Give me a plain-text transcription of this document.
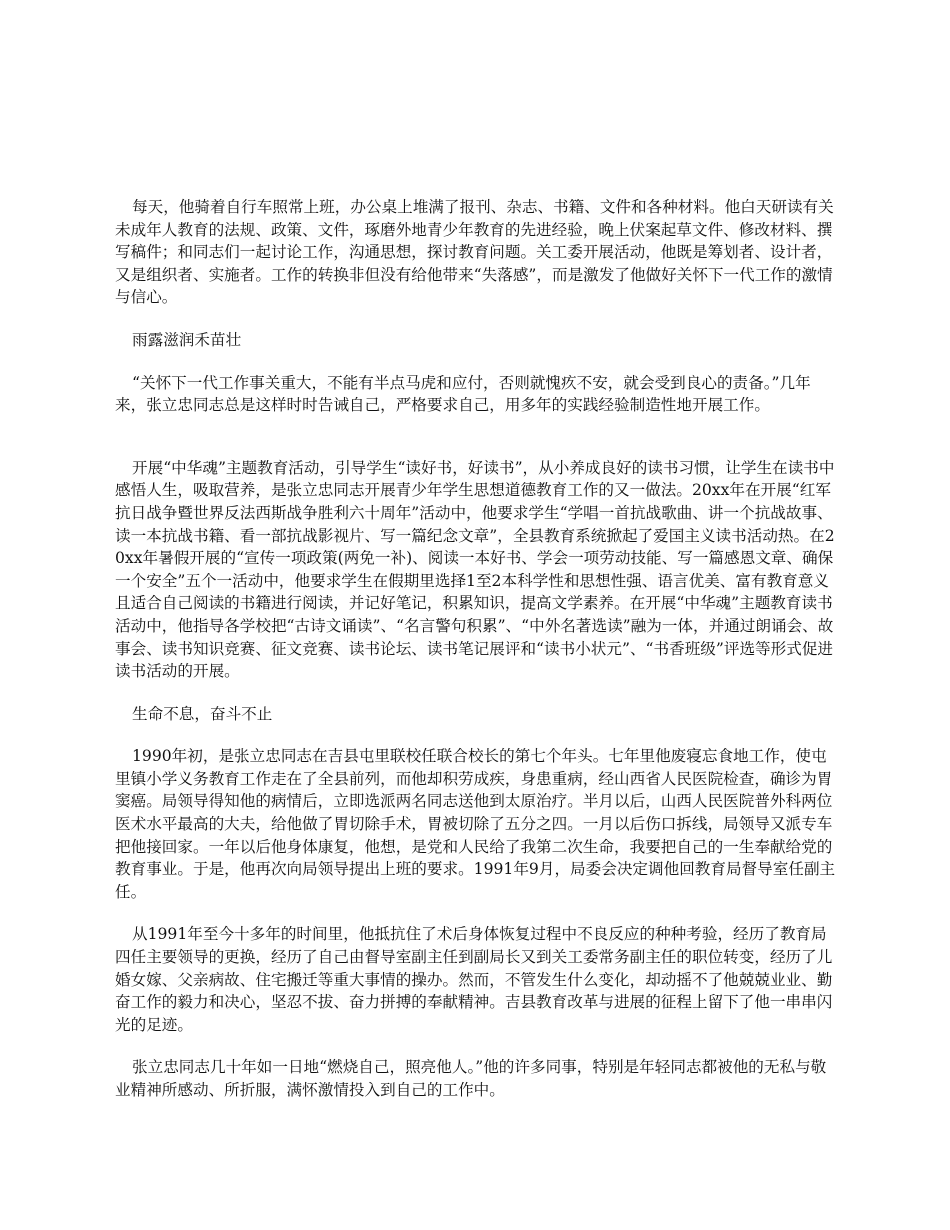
每天，他骑着自行车照常上班，办公桌上堆满了报刊、杂志、书籍、文件和各种材料。他白天研读有关未成年人教育的法规、政策、文件，琢磨外地青少年教育的先进经验，晚上伏案起草文件、修改材料、撰写稿件；和同志们一起讨论工作，沟通思想，探讨教育问题。关工委开展活动，他既是筹划者、设计者，又是组织者、实施者。工作的转换非但没有给他带来“失落感”，而是激发了他做好关怀下一代工作的激情与信心。

雨露滋润禾苗壮

“关怀下一代工作事关重大，不能有半点马虎和应付，否则就愧疚不安，就会受到良心的责备。”几年来，张立忠同志总是这样时时告诫自己，严格要求自己，用多年的实践经验制造性地开展工作。

开展“中华魂”主题教育活动，引导学生“读好书，好读书”，从小养成良好的读书习惯，让学生在读书中感悟人生，吸取营养，是张立忠同志开展青少年学生思想道德教育工作的又一做法。20xx年在开展“红军抗日战争暨世界反法西斯战争胜利六十周年”活动中，他要求学生“学唱一首抗战歌曲、讲一个抗战故事、读一本抗战书籍、看一部抗战影视片、写一篇纪念文章”，全县教育系统掀起了爱国主义读书活动热。在20xx年暑假开展的“宣传一项政策(两免一补)、阅读一本好书、学会一项劳动技能、写一篇感恩文章、确保一个安全”五个一活动中，他要求学生在假期里选择1至2本科学性和思想性强、语言优美、富有教育意义且适合自己阅读的书籍进行阅读，并记好笔记，积累知识，提高文学素养。在开展“中华魂”主题教育读书活动中，他指导各学校把“古诗文诵读”、“名言警句积累”、“中外名著选读”融为一体，并通过朗诵会、故事会、读书知识竞赛、征文竞赛、读书论坛、读书笔记展评和“读书小状元”、“书香班级”评选等形式促进读书活动的开展。

生命不息，奋斗不止

1990年初，是张立忠同志在吉县屯里联校任联合校长的第七个年头。七年里他废寝忘食地工作，使屯里镇小学义务教育工作走在了全县前列，而他却积劳成疾，身患重病，经山西省人民医院检查，确诊为胃窦癌。局领导得知他的病情后，立即选派两名同志送他到太原治疗。半月以后，山西人民医院普外科两位医术水平最高的大夫，给他做了胃切除手术，胃被切除了五分之四。一月以后伤口拆线，局领导又派专车把他接回家。一年以后他身体康复，他想，是党和人民给了我第二次生命，我要把自己的一生奉献给党的教育事业。于是，他再次向局领导提出上班的要求。1991年9月，局委会决定调他回教育局督导室任副主任。

从1991年至今十多年的时间里，他抵抗住了术后身体恢复过程中不良反应的种种考验，经历了教育局四任主要领导的更换，经历了自己由督导室副主任到副局长又到关工委常务副主任的职位转变，经历了儿婚女嫁、父亲病故、住宅搬迁等重大事情的操办。然而，不管发生什么变化，却动摇不了他兢兢业业、勤奋工作的毅力和决心，坚忍不拔、奋力拼搏的奉献精神。吉县教育改革与进展的征程上留下了他一串串闪光的足迹。

张立忠同志几十年如一日地“燃烧自己，照亮他人。”他的许多同事，特别是年轻同志都被他的无私与敬业精神所感动、所折服，满怀激情投入到自己的工作中。
